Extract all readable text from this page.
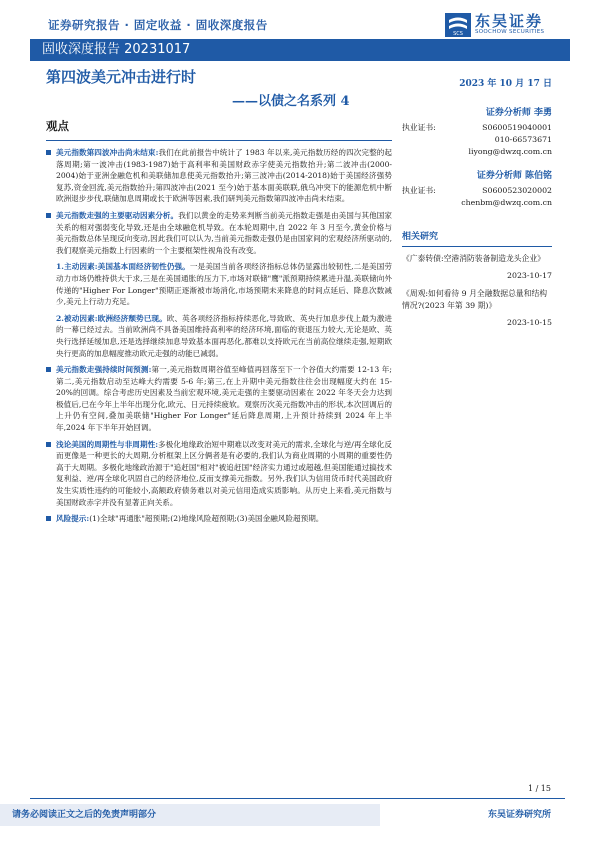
证券研究报告 · 固定收益 · 固收深度报告
SCS
东吴证券
SOOCHOW SECURITIES
固收深度报告 20231017
第四波美元冲击进行时
——以债之名系列 4
观点

美元指数第四波冲击尚未结束:我们在此前报告中统计了 1983 年以来,美元指数历经的四次完整的起落周期;第一波冲击(1983-1987)始于高利率和美国财政赤字使美元指数抬升;第二波冲击(2000-2004)始于亚洲金融危机和美联储加息使美元指数抬升;第三波冲击(2014-2018)始于美国经济强势复苏,资金回流,美元指数抬升;第四波冲击(2021 至今)始于基本面美联联,俄乌冲突下的能源危机中断欧洲退步步伐,联储加息周期或长于欧洲等因素,我们研判美元指数第四波冲击尚未结束。

美元指数走强的主要驱动因素分析。我们以黄金的走势来判断当前美元指数走强是由美国与其他国家关系的相对强弱变化导致,还是由全球融危机导致。在本轮周期中,自 2022 年 3 月至今,黄金价格与美元指数总体呈现反向变动,因此我们可以认为,当前美元指数走强仍是由国家间的宏观经济所驱动的,我们观察美元指数上行因素的一个主要框架性视角没有改变。

1.主动因素:美国基本面经济韧性仍强。一是美国当前各项经济指标总体仍显露出较韧性,二是美国劳动力市场仍维持供大于求,三是在美国通胀的压力下,市场对联储"鹰"派预期持续累进升温,美联储向外传递的"Higher For Longer"预期正逐渐被市场消化,市场预期未来降息的时间点延后、降息次数减少,美元上行动力充足。

2.被动因素:欧洲经济颓势已现。欧、英各项经济指标持续恶化,导致欧、英央行加息步伐上最为激进的一幕已经过去。当前欧洲尚不具备美国维持高利率的经济环境,面临的衰退压力较大,无论是欧、英央行选择延缓加息,还是选择继续加息导致基本面再恶化,都难以支持欧元在当前高位继续走强,短期欧央行更高的加息幅度推动欧元走强的动能已减弱。

美元指数走强持续时间预测:第一,美元指数周期谷值至峰值再回落至下一个谷值大约需要 12-13 年;第二,美元指数启动至达峰大约需要 5-6 年;第三,在上升期中美元指数往往会出现幅度大约在 15-20%的回调。综合考虑历史因素及当前宏观环境,美元走强的主要驱动因素在 2022 年冬天会力达到极值后,已在今年上半年出现分化,欧元、日元持续疲软。观察历次美元指数冲击的形状,本次回调后的上升仍有空间,叠加美联储"Higher For Longer"延后降息周期,上升预计持续到 2024 年上半年,2024 年下半年开始回调。

浅论美国的周期性与非周期性:多极化地缘政治短中期难以改变对美元的需求,全球化与逆/再全球化反而更像是一种更长的大周期,分析框架上区分俩者是有必要的,我们认为商业周期的小周期的重要性仍高于大周期。多极化地缘政治源于"追赶国"相对"被追赶国"经济实力通过或超越,但美国能通过搞技术复利益、逆/再全球化巩固自己的经济地位,反而支撑美元指数。另外,我们认为信用货币时代美国政府发生实质性违约的可能较小,高额政府债务难以对美元信用造成实质影响。从历史上来看,美元指数与美国财政赤字并没有显著正向关系。

风险提示:(1)全球"再通胀"超预期;(2)地缘风险超预期;(3)美国金融风险超预期。

2023 年 10 月 17 日
证券分析师 李勇
执业证书:	S0600519040001
010-66573671
liyong@dwzq.com.cn
证券分析师 陈伯铭
执业证书:	S0600523020002
chenbm@dwzq.com.cn
相关研究
《广泰转债:空港消防装备制造龙头企业》
2023-10-17
《周观:如何看待 9 月全融数据总量和结构情况?(2023 年第 39 期)》
2023-10-15
1 / 15
请务必阅读正文之后的免责声明部分	东吴证券研究所
